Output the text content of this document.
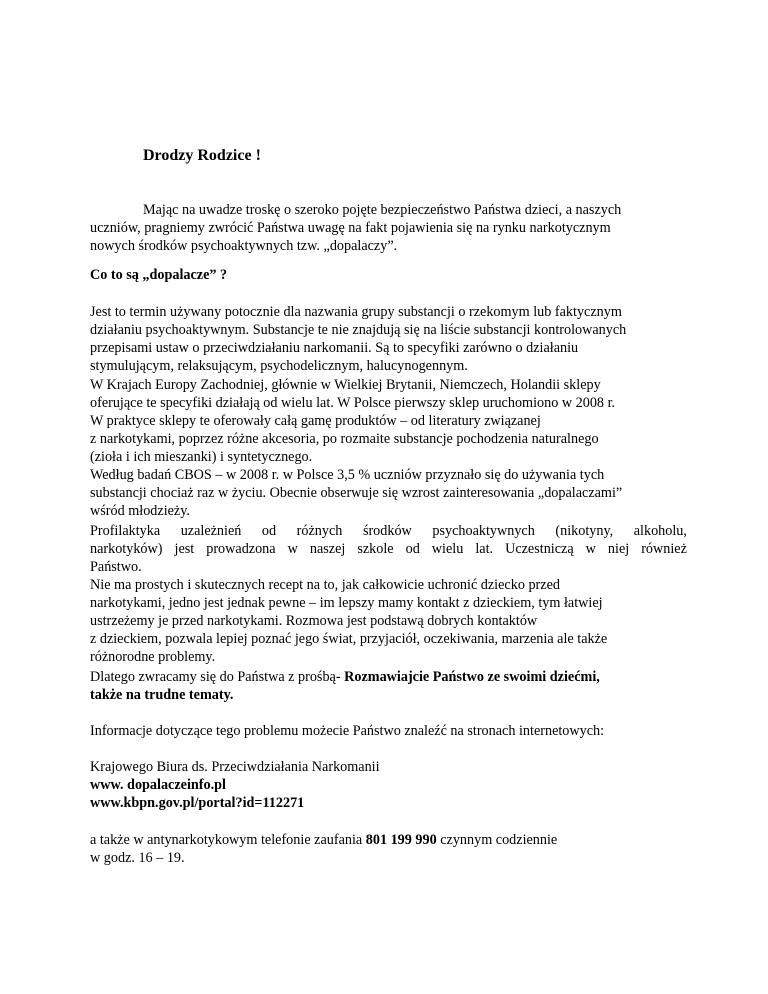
Drodzy Rodzice !
Mając na uwadze troskę o szeroko pojęte bezpieczeństwo Państwa dzieci, a naszych
uczniów, pragniemy zwrócić Państwa uwagę na fakt pojawienia się na rynku narkotycznym
nowych środków psychoaktywnych tzw. „dopalaczy”.
Co to są „dopalacze” ?
Jest to termin używany potocznie dla nazwania grupy substancji o rzekomym lub faktycznym
działaniu psychoaktywnym. Substancje te nie znajdują się na liście substancji kontrolowanych
przepisami ustaw o przeciwdziałaniu narkomanii. Są to specyfiki zarówno o działaniu
stymulującym, relaksującym, psychodelicznym, halucynogennym.
W Krajach Europy Zachodniej, głównie w Wielkiej Brytanii, Niemczech, Holandii sklepy
oferujące te specyfiki działają od wielu lat. W Polsce pierwszy sklep uruchomiono w 2008 r.
W praktyce sklepy te oferowały całą gamę produktów – od literatury związanej
z narkotykami, poprzez różne akcesoria, po rozmaite substancje pochodzenia naturalnego
(zioła i ich mieszanki) i syntetycznego.
Według badań CBOS – w 2008 r. w Polsce 3,5 % uczniów przyznało się do używania tych
substancji chociaż raz w życiu. Obecnie obserwuje się wzrost zainteresowania „dopalaczami”
wśród młodzieży.
Profilaktyka uzależnień od różnych środków psychoaktywnych (nikotyny, alkoholu,
narkotyków) jest prowadzona w naszej szkole od wielu lat. Uczestniczą w niej również
Państwo.
Nie ma prostych i skutecznych recept na to, jak całkowicie uchronić dziecko przed
narkotykami, jedno jest jednak pewne – im lepszy mamy kontakt z dzieckiem, tym łatwiej
ustrzeżemy je przed narkotykami. Rozmowa jest podstawą dobrych kontaktów
z dzieckiem, pozwala lepiej poznać jego świat, przyjaciół, oczekiwania, marzenia ale także
różnorodne problemy.
Dlatego zwracamy się do Państwa z prośbą- Rozmawiajcie Państwo ze swoimi dziećmi,
także na trudne tematy.
Informacje dotyczące tego problemu możecie Państwo znaleźć na stronach internetowych:
Krajowego Biura ds. Przeciwdziałania Narkomanii
www. dopalaczeinfo.pl
www.kbpn.gov.pl/portal?id=112271
a także w antynarkotykowym telefonie zaufania 801 199 990 czynnym codziennie
w godz. 16 – 19.
